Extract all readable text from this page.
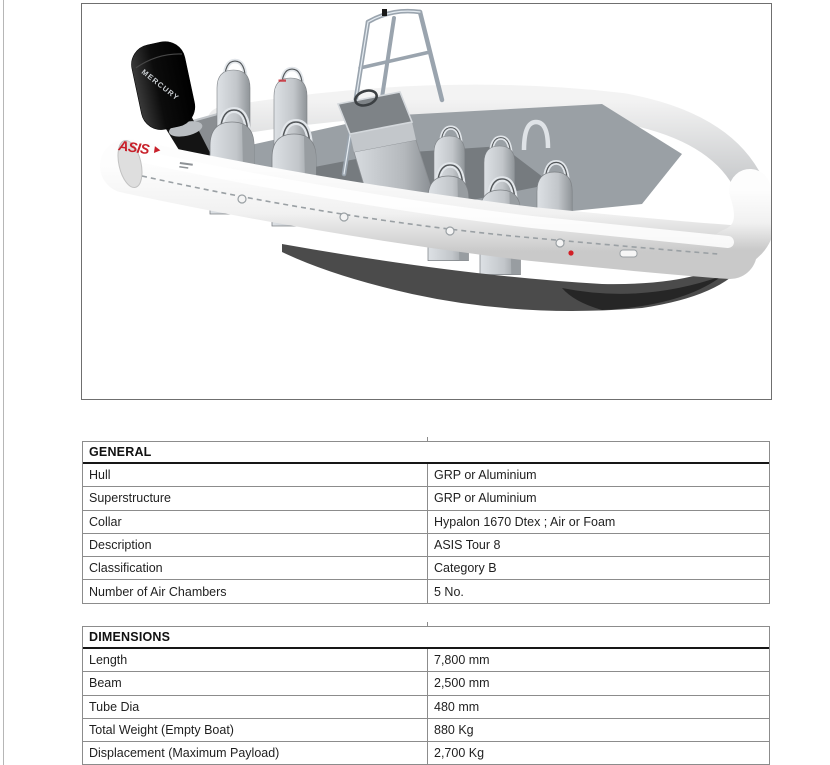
MERCURY
ASIS
GENERAL
Hull	GRP or Aluminium
Superstructure	GRP or Aluminium
Collar	Hypalon 1670 Dtex ; Air or Foam
Description	ASIS Tour 8
Classification	Category B
Number of Air Chambers	5 No.
DIMENSIONS
Length	7,800 mm
Beam	2,500 mm
Tube Dia	480 mm
Total Weight (Empty Boat)	880 Kg
Displacement (Maximum Payload)	2,700 Kg
